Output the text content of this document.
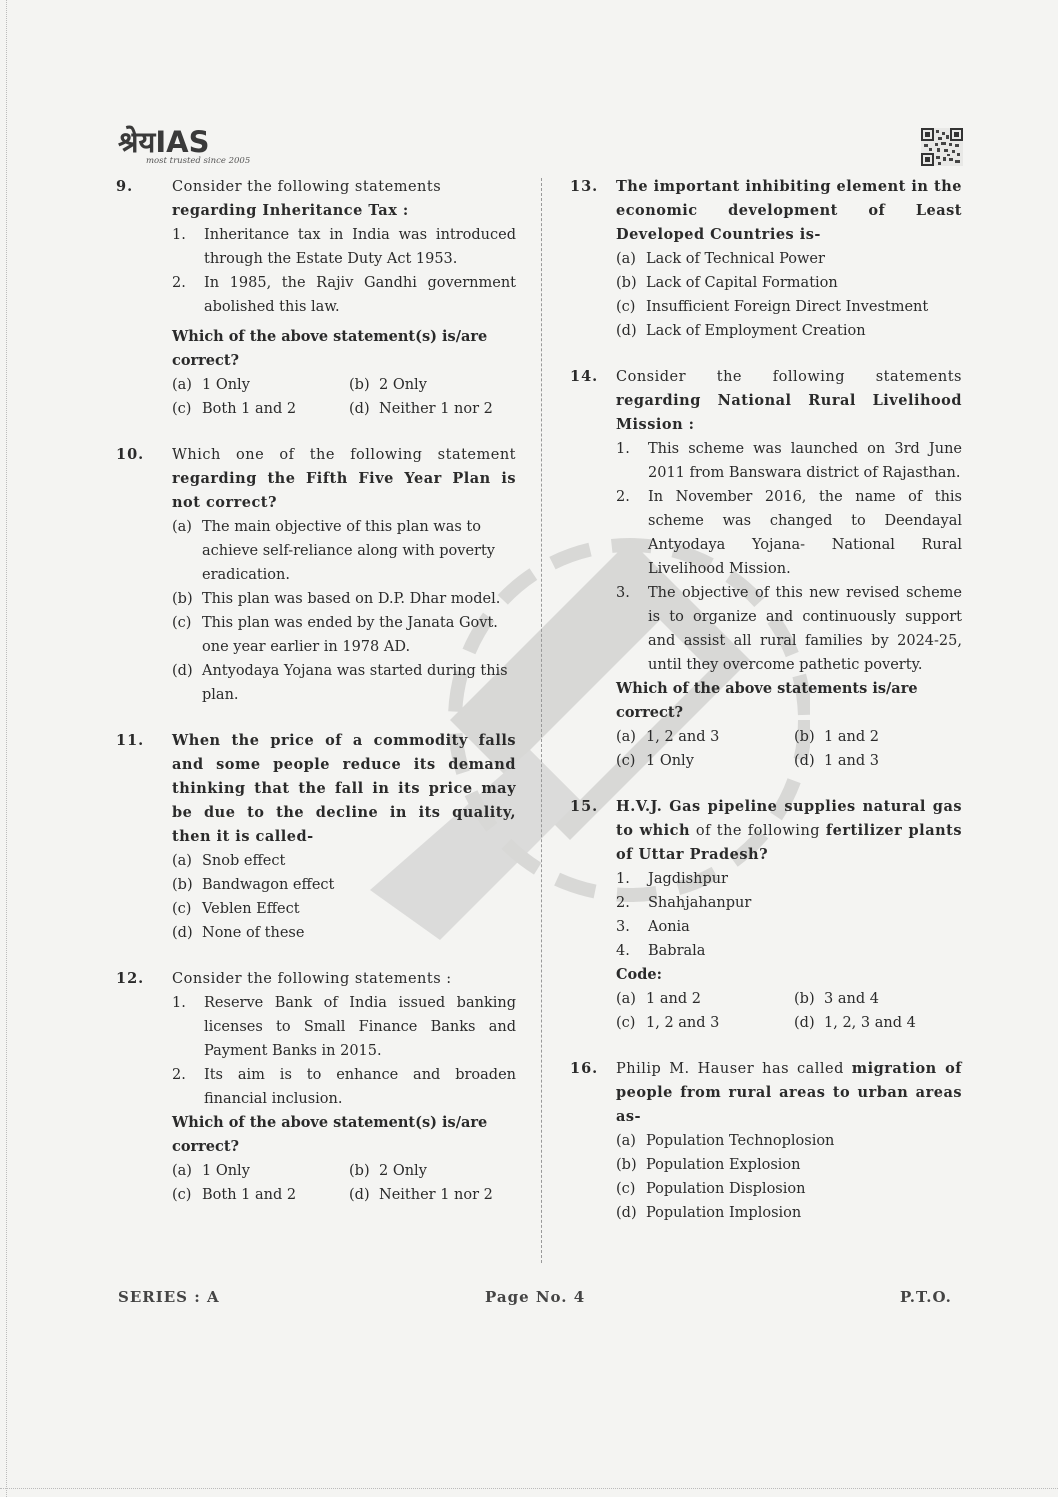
श्रेयIAS
most trusted since 2005
9.	Consider the following statements
regarding Inheritance Tax :
1. Inheritance tax in India was introduced through the Estate Duty Act 1953.
2. In 1985, the Rajiv Gandhi government abolished this law.
Which of the above statement(s) is/are correct?
(a) 1 Only	(b) 2 Only
(c) Both 1 and 2	(d) Neither 1 nor 2
10.	Which one of the following statement regarding the Fifth Five Year Plan is not correct?
(a) The main objective of this plan was to achieve self-reliance along with poverty eradication.
(b) This plan was based on D.P. Dhar model.
(c) This plan was ended by the Janata Govt. one year earlier in 1978 AD.
(d) Antyodaya Yojana was started during this plan.
11.	When the price of a commodity falls and some people reduce its demand thinking that the fall in its price may be due to the decline in its quality, then it is called-
(a) Snob effect
(b) Bandwagon effect
(c) Veblen Effect
(d) None of these
12.	Consider the following statements :
1. Reserve Bank of India issued banking licenses to Small Finance Banks and Payment Banks in 2015.
2. Its aim is to enhance and broaden financial inclusion.
Which of the above statement(s) is/are correct?
(a) 1 Only	(b) 2 Only
(c) Both 1 and 2	(d) Neither 1 nor 2
13.	The important inhibiting element in the economic development of Least Developed Countries is-
(a) Lack of Technical Power
(b) Lack of Capital Formation
(c) Insufficient Foreign Direct Investment
(d) Lack of Employment Creation
14.	Consider the following statements regarding National Rural Livelihood Mission :
1. This scheme was launched on 3rd June 2011 from Banswara district of Rajasthan.
2. In November 2016, the name of this scheme was changed to Deendayal Antyodaya Yojana- National Rural Livelihood Mission.
3. The objective of this new revised scheme is to organize and continuously support and assist all rural families by 2024-25, until they overcome pathetic poverty.
Which of the above statements is/are correct?
(a) 1, 2 and 3	(b) 1 and 2
(c) 1 Only	(d) 1 and 3
15.	H.V.J. Gas pipeline supplies natural gas to which of the following fertilizer plants of Uttar Pradesh?
1. Jagdishpur
2. Shahjahanpur
3. Aonia
4. Babrala
Code:
(a) 1 and 2	(b) 3 and 4
(c) 1, 2 and 3	(d) 1, 2, 3 and 4
16.	Philip M. Hauser has called migration of people from rural areas to urban areas as-
(a) Population Technoplosion
(b) Population Explosion
(c) Population Displosion
(d) Population Implosion
SERIES : A	Page No. 4	P.T.O.
